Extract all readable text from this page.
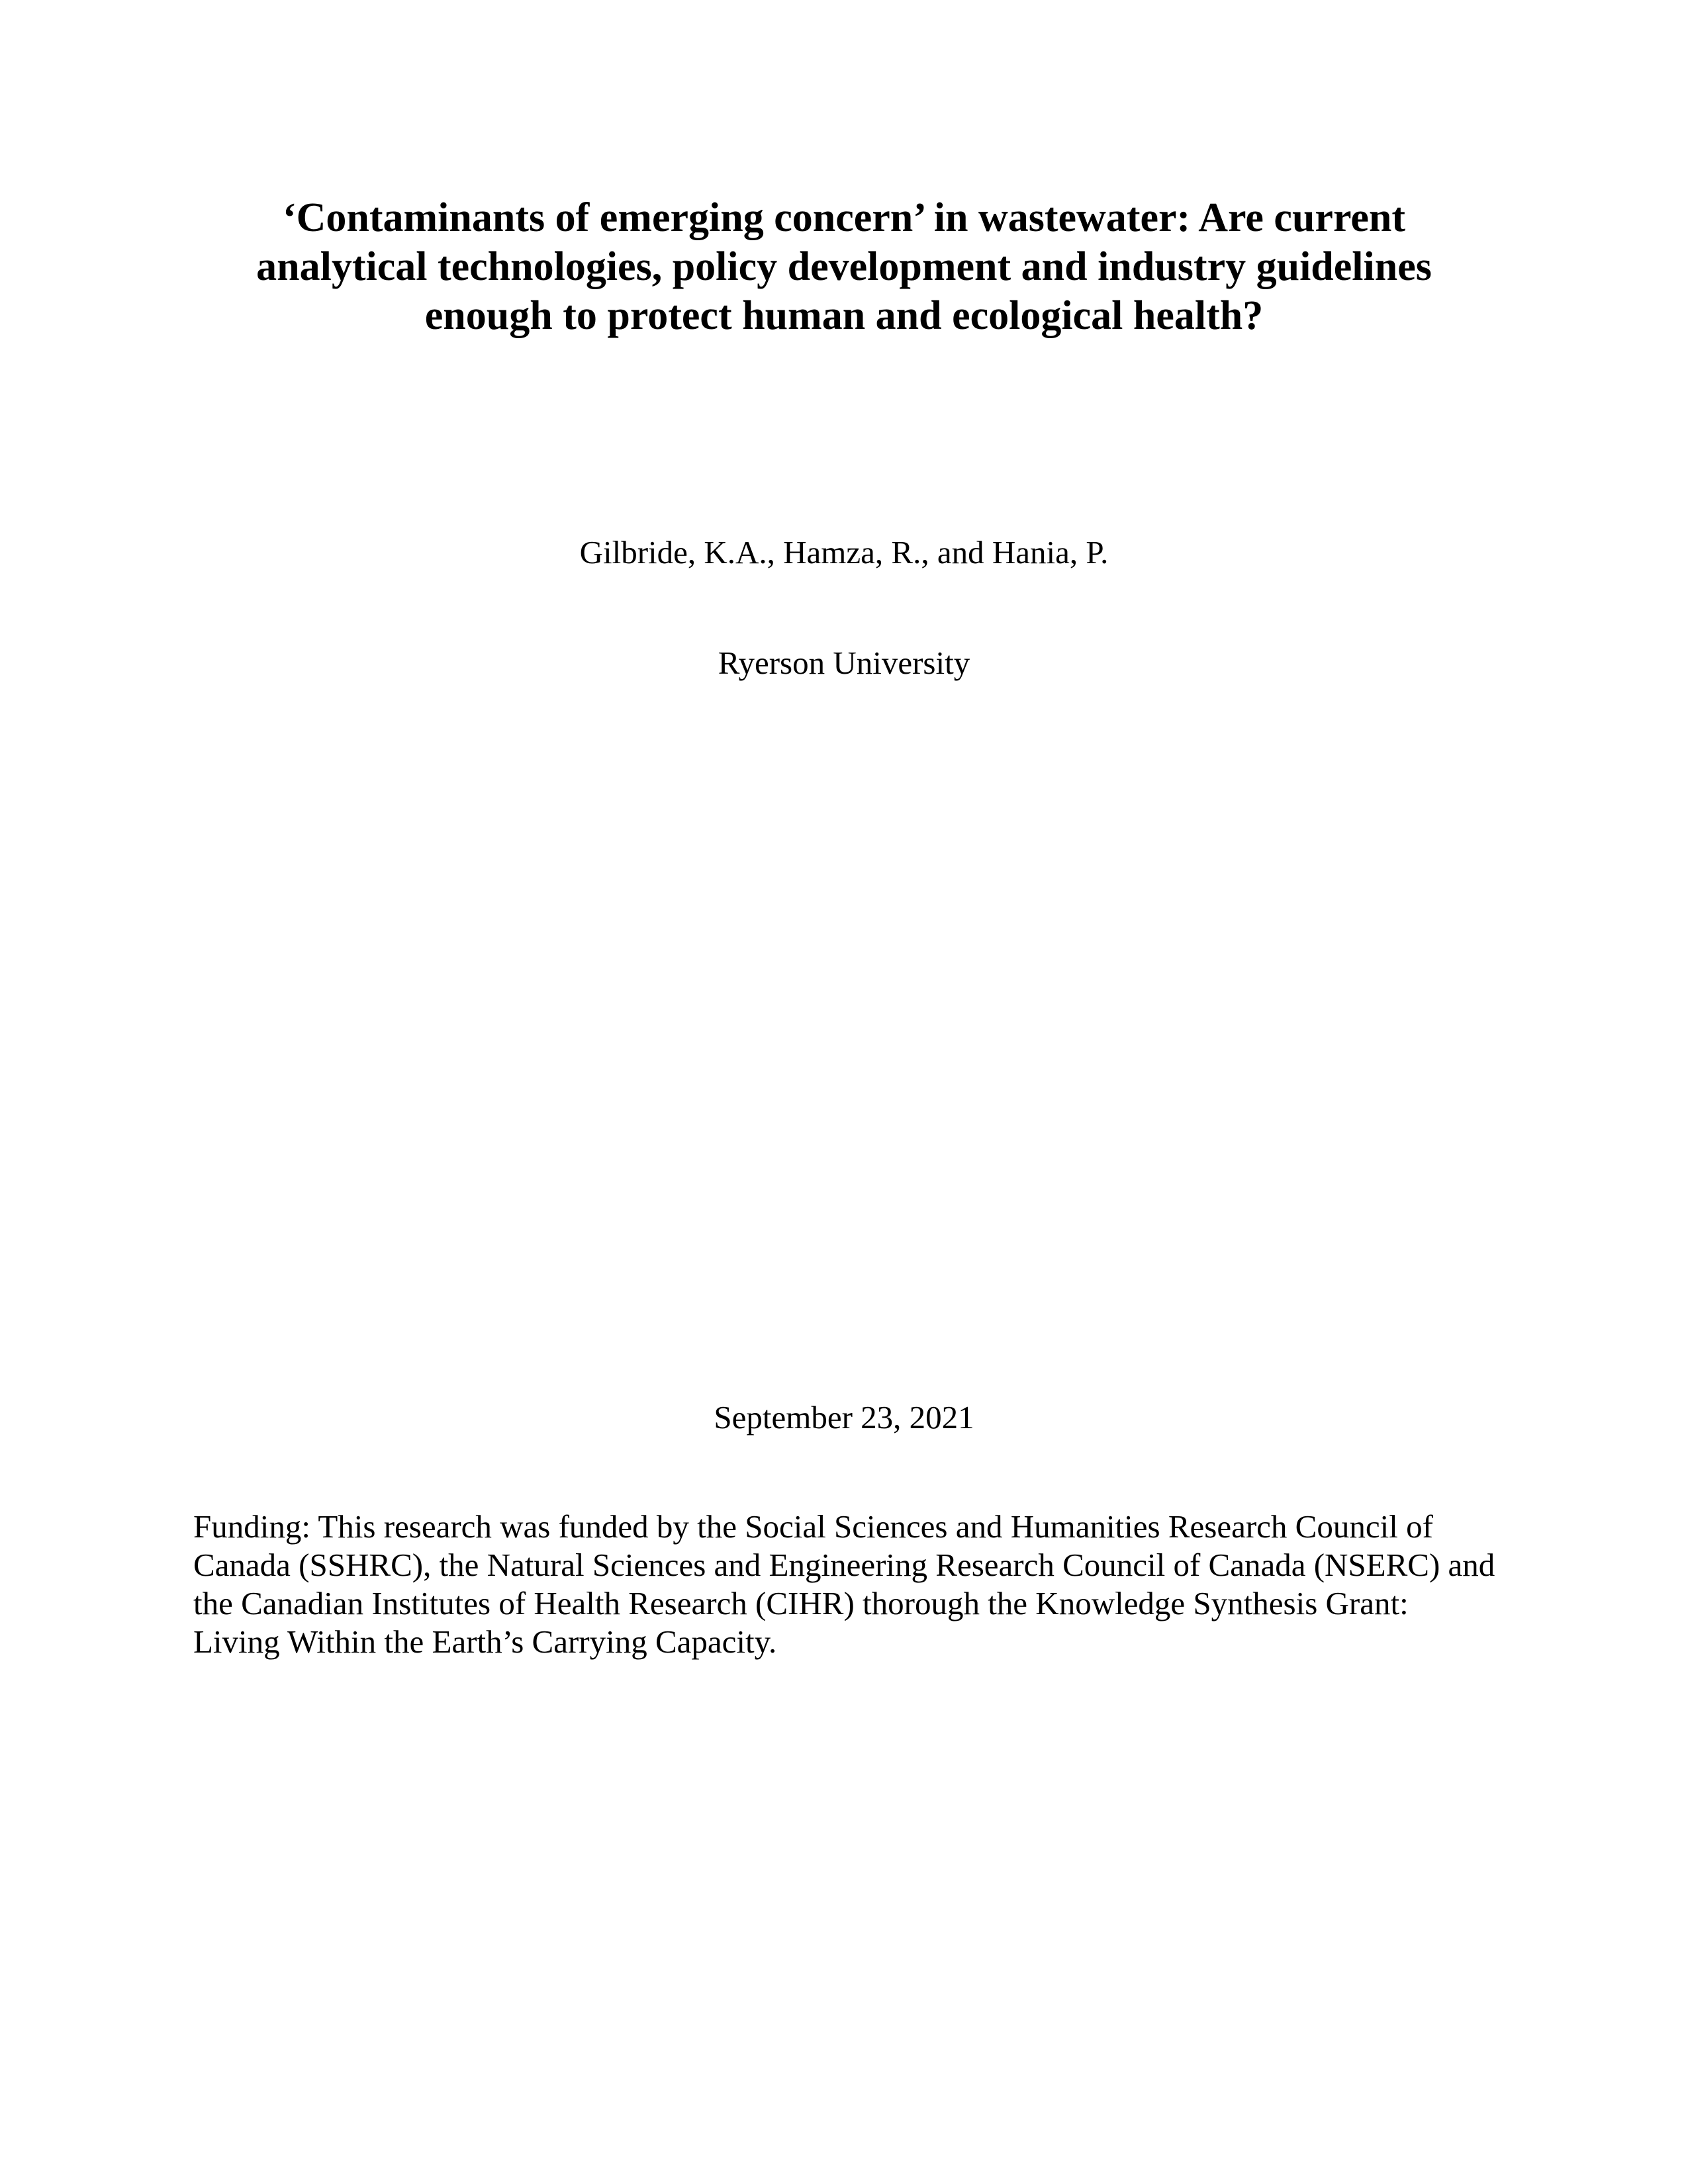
‘Contaminants of emerging concern’ in wastewater: Are current
analytical technologies, policy development and industry guidelines
enough to protect human and ecological health?
Gilbride, K.A., Hamza, R., and Hania, P.
Ryerson University
September 23, 2021
Funding: This research was funded by the Social Sciences and Humanities Research Council of
Canada (SSHRC), the Natural Sciences and Engineering Research Council of Canada (NSERC) and
the Canadian Institutes of Health Research (CIHR) thorough the Knowledge Synthesis Grant:
Living Within the Earth’s Carrying Capacity.
